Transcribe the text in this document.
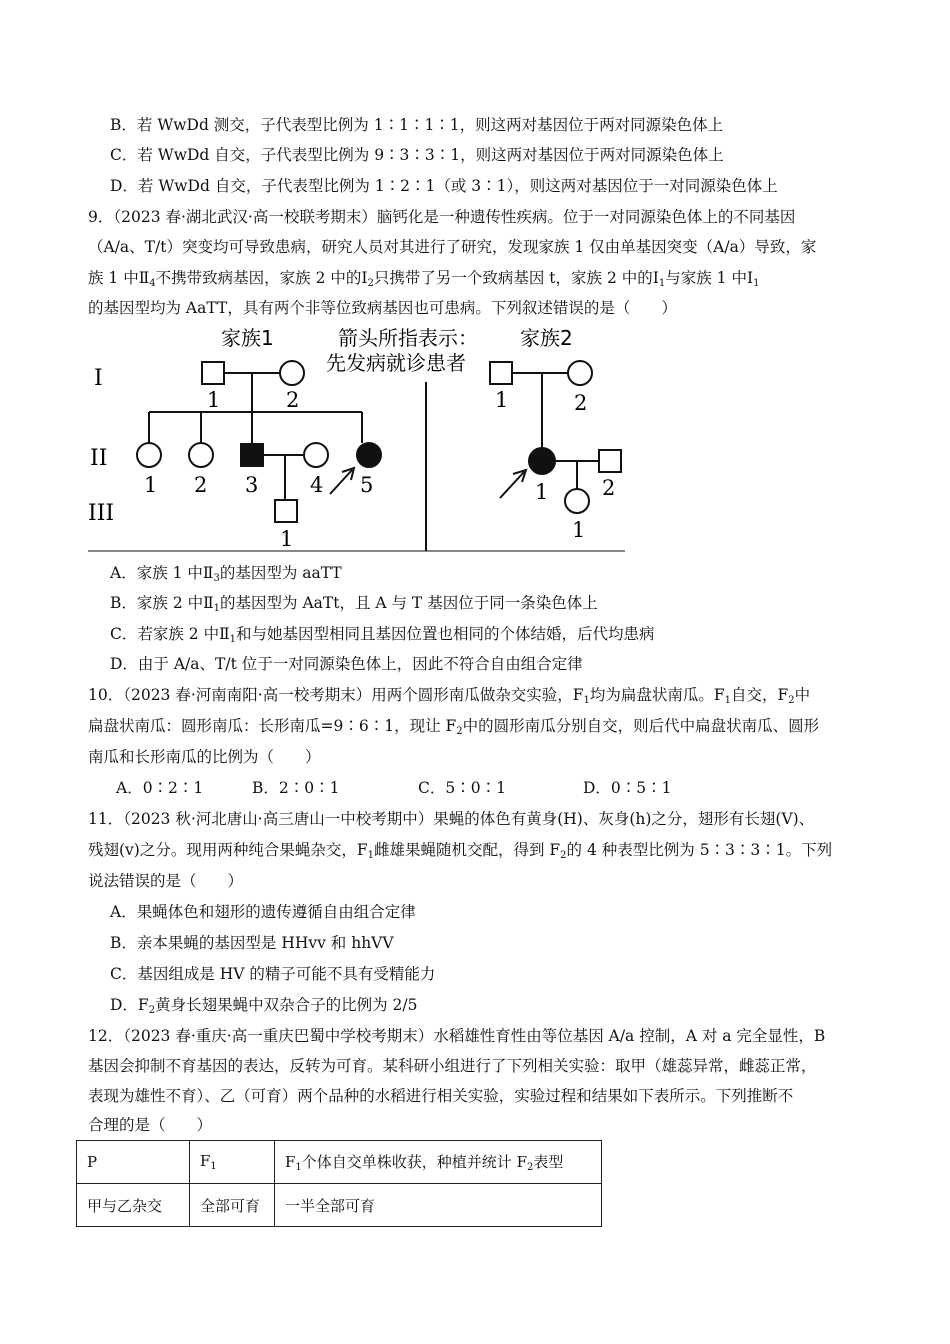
B．若 WwDd 测交，子代表型比例为 1∶1∶1∶1，则这两对基因位于两对同源染色体上
C．若 WwDd 自交，子代表型比例为 9∶3∶3∶1，则这两对基因位于两对同源染色体上
D．若 WwDd 自交，子代表型比例为 1∶2∶1（或 3∶1），则这两对基因位于一对同源染色体上
9．（2023 春·湖北武汉·高一校联考期末）脑钙化是一种遗传性疾病。位于一对同源染色体上的不同基因
（A/a、T/t）突变均可导致患病，研究人员对其进行了研究，发现家族 1 仅由单基因突变（A/a）导致，家
族 1 中$Ⅱ_4$不携带致病基因，家族 2 中的$Ⅰ_2$只携带了另一个致病基因 t，家族 2 中的$Ⅰ_1$与家族 1 中$Ⅰ_1$
的基因型均为 AaTT，具有两个非等位致病基因也可患病。下列叙述错误的是（　　）
家族1	家族2
箭头所指表示：
先发病就诊患者
I
II
III
1	2
1 2 3 4 5
1
1	2
1	2
1
A．家族 1 中$Ⅱ_3$的基因型为 aaTT
B．家族 2 中$Ⅱ_1$的基因型为 AaTt，且 A 与 T 基因位于同一条染色体上
C．若家族 2 中$Ⅱ_1$和与她基因型相同且基因位置也相同的个体结婚，后代均患病
D．由于 A/a、T/t 位于一对同源染色体上，因此不符合自由组合定律
10．（2023 春·河南南阳·高一校考期末）用两个圆形南瓜做杂交实验，$F_1$均为扁盘状南瓜。$F_1$自交，$F_2$中
扁盘状南瓜：圆形南瓜：长形南瓜=9∶6∶1，现让 $F_2$中的圆形南瓜分别自交，则后代中扁盘状南瓜、圆形
南瓜和长形南瓜的比例为（　　）
A．0∶2∶1	B．2∶0∶1	C．5∶0∶1	D．0∶5∶1
11．（2023 秋·河北唐山·高三唐山一中校考期中）果蝇的体色有黄身(H)、灰身(h)之分，翅形有长翅(V)、
残翅(v)之分。现用两种纯合果蝇杂交，$F_1$雌雄果蝇随机交配，得到 $F_2$的 4 种表型比例为 5∶3∶3∶1。下列
说法错误的是（　　）
A．果蝇体色和翅形的遗传遵循自由组合定律
B．亲本果蝇的基因型是 HHvv 和 hhVV
C．基因组成是 HV 的精子可能不具有受精能力
D．$F_2$黄身长翅果蝇中双杂合子的比例为 2/5
12．（2023 春·重庆·高一重庆巴蜀中学校考期末）水稻雄性育性由等位基因 A/a 控制，A 对 a 完全显性，B
基因会抑制不育基因的表达，反转为可育。某科研小组进行了下列相关实验：取甲（雄蕊异常，雌蕊正常，
表现为雄性不育）、乙（可育）两个品种的水稻进行相关实验，实验过程和结果如下表所示。下列推断不
合理的是（　　）
P	$F_1$	$F_1$个体自交单株收获，种植并统计 $F_2$表型
甲与乙杂交	全部可育	一半全部可育
